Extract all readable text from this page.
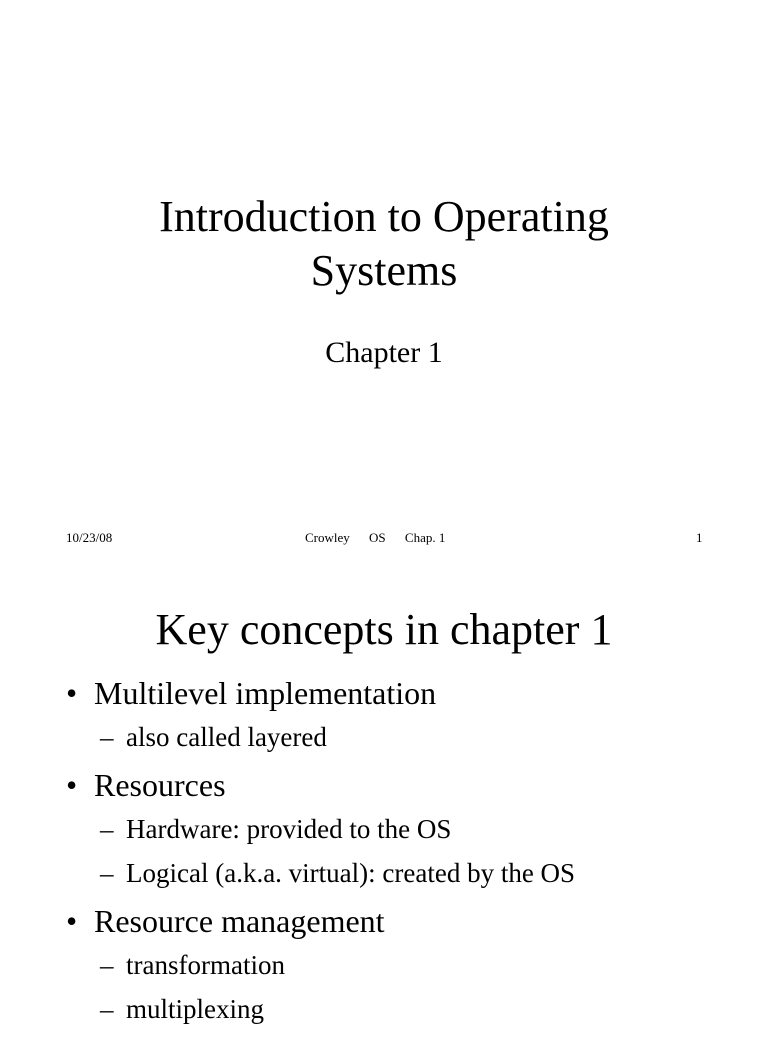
Introduction to Operating
Systems
Chapter 1
10/23/08	Crowley OS Chap. 1	1
Key concepts in chapter 1
• Multilevel implementation
– also called layered
• Resources
– Hardware: provided to the OS
– Logical (a.k.a. virtual): created by the OS
• Resource management
– transformation
– multiplexing
